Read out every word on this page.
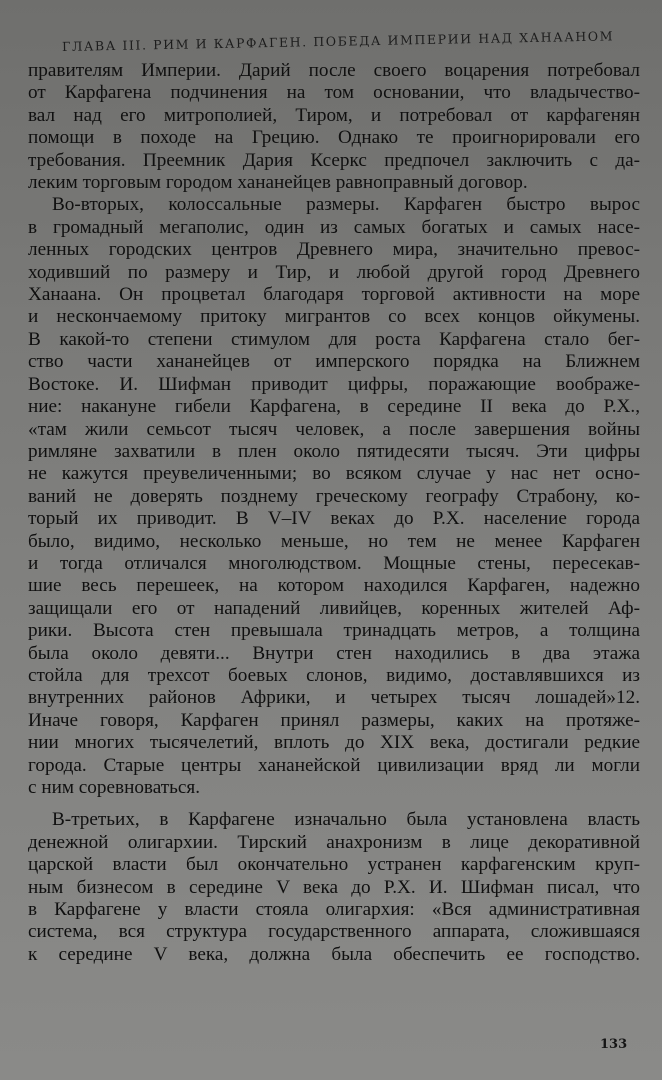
ГЛАВА III. РИМ И КАРФАГЕН. ПОБЕДА ИМПЕРИИ НАД ХАНААНОМ
правителям Империи. Дарий после своего воцарения потребовал
от Карфагена подчинения на том основании, что владычество-
вал над его митрополией, Тиром, и потребовал от карфагенян
помощи в походе на Грецию. Однако те проигнорировали его
требования. Преемник Дария Ксеркс предпочел заключить с да-
леким торговым городом хананейцев равноправный договор.
Во-вторых, колоссальные размеры. Карфаген быстро вырос
в громадный мегаполис, один из самых богатых и самых насе-
ленных городских центров Древнего мира, значительно превос-
ходивший по размеру и Тир, и любой другой город Древнего
Ханаана. Он процветал благодаря торговой активности на море
и нескончаемому притоку мигрантов со всех концов ойкумены.
В какой-то степени стимулом для роста Карфагена стало бег-
ство части хананейцев от имперского порядка на Ближнем
Востоке. И. Шифман приводит цифры, поражающие воображе-
ние: накануне гибели Карфагена, в середине II века до Р.Х.,
«там жили семьсот тысяч человек, а после завершения войны
римляне захватили в плен около пятидесяти тысяч. Эти цифры
не кажутся преувеличенными; во всяком случае у нас нет осно-
ваний не доверять позднему греческому географу Страбону, ко-
торый их приводит. В V–IV веках до Р.Х. население города
было, видимо, несколько меньше, но тем не менее Карфаген
и тогда отличался многолюдством. Мощные стены, пересекав-
шие весь перешеек, на котором находился Карфаген, надежно
защищали его от нападений ливийцев, коренных жителей Аф-
рики. Высота стен превышала тринадцать метров, а толщина
была около девяти... Внутри стен находились в два этажа
стойла для трехсот боевых слонов, видимо, доставлявшихся из
внутренних районов Африки, и четырех тысяч лошадей»12.
Иначе говоря, Карфаген принял размеры, каких на протяже-
нии многих тысячелетий, вплоть до XIX века, достигали редкие
города. Старые центры хананейской цивилизации вряд ли могли
с ним соревноваться.
В-третьих, в Карфагене изначально была установлена власть
денежной олигархии. Тирский анахронизм в лице декоративной
царской власти был окончательно устранен карфагенским круп-
ным бизнесом в середине V века до Р.Х. И. Шифман писал, что
в Карфагене у власти стояла олигархия: «Вся административная
система, вся структура государственного аппарата, сложившаяся
к середине V века, должна была обеспечить ее господство.
133
